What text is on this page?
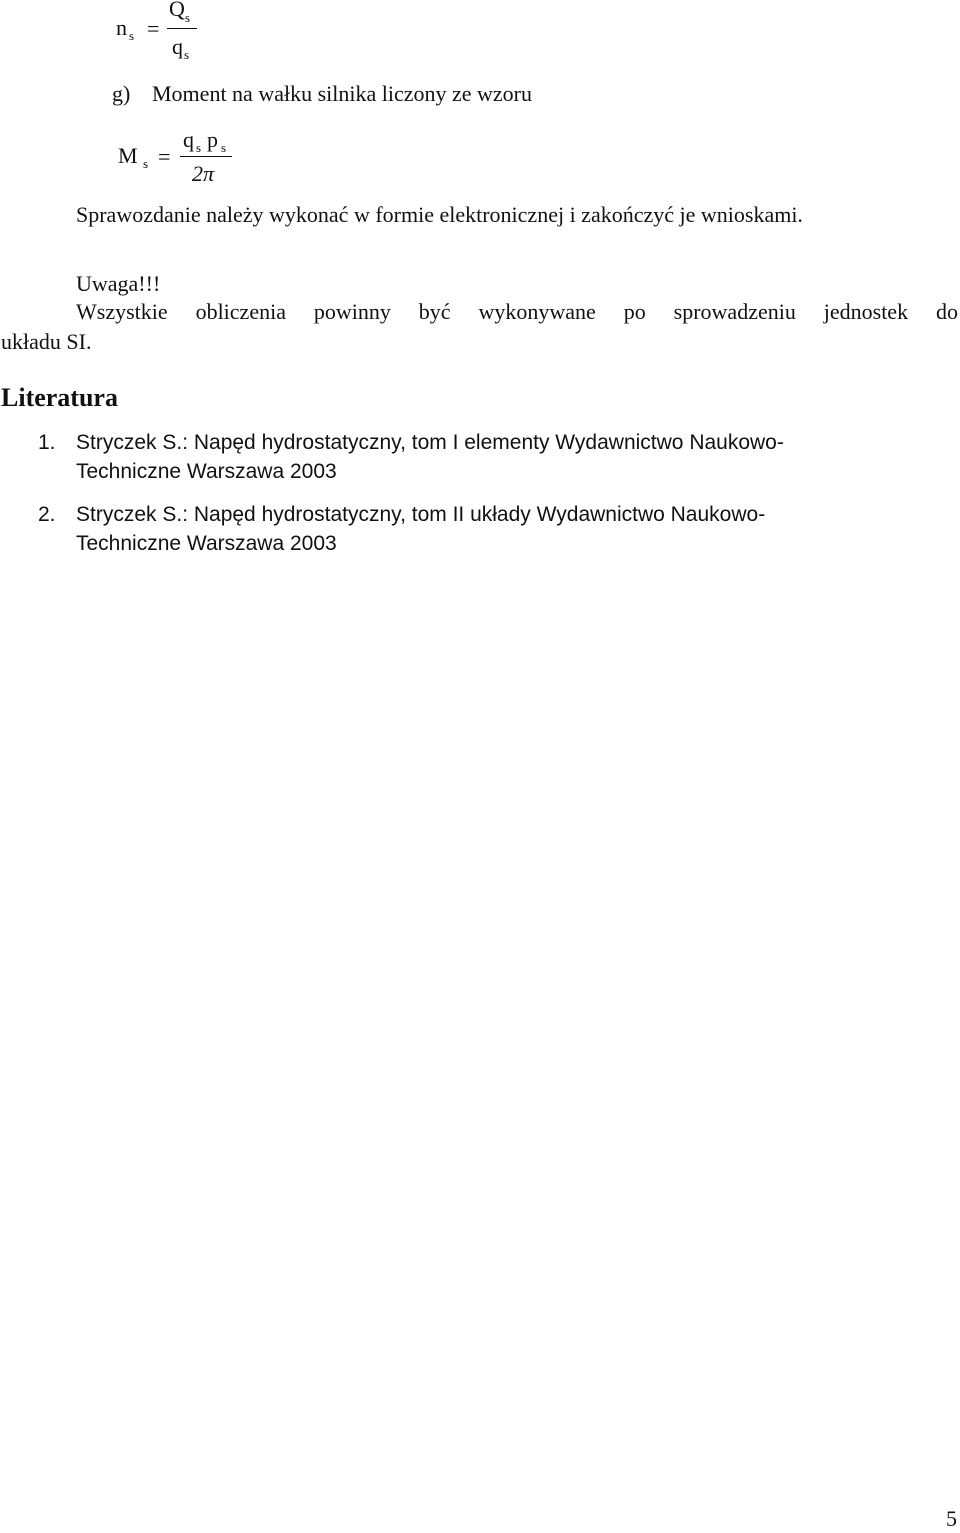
n s =
Q s
q s
g) Moment na wałku silnika liczony ze wzoru
M s =
q s p s
2π
Sprawozdanie należy wykonać w formie elektronicznej i zakończyć je wnioskami.
Uwaga!!!
Wszystkie obliczenia powinny być wykonywane po sprowadzeniu jednostek do
układu SI.
Literatura
1. Stryczek S.: Napęd hydrostatyczny, tom I elementy Wydawnictwo Naukowo-
Techniczne Warszawa 2003
2. Stryczek S.: Napęd hydrostatyczny, tom II układy Wydawnictwo Naukowo-
Techniczne Warszawa 2003
5
